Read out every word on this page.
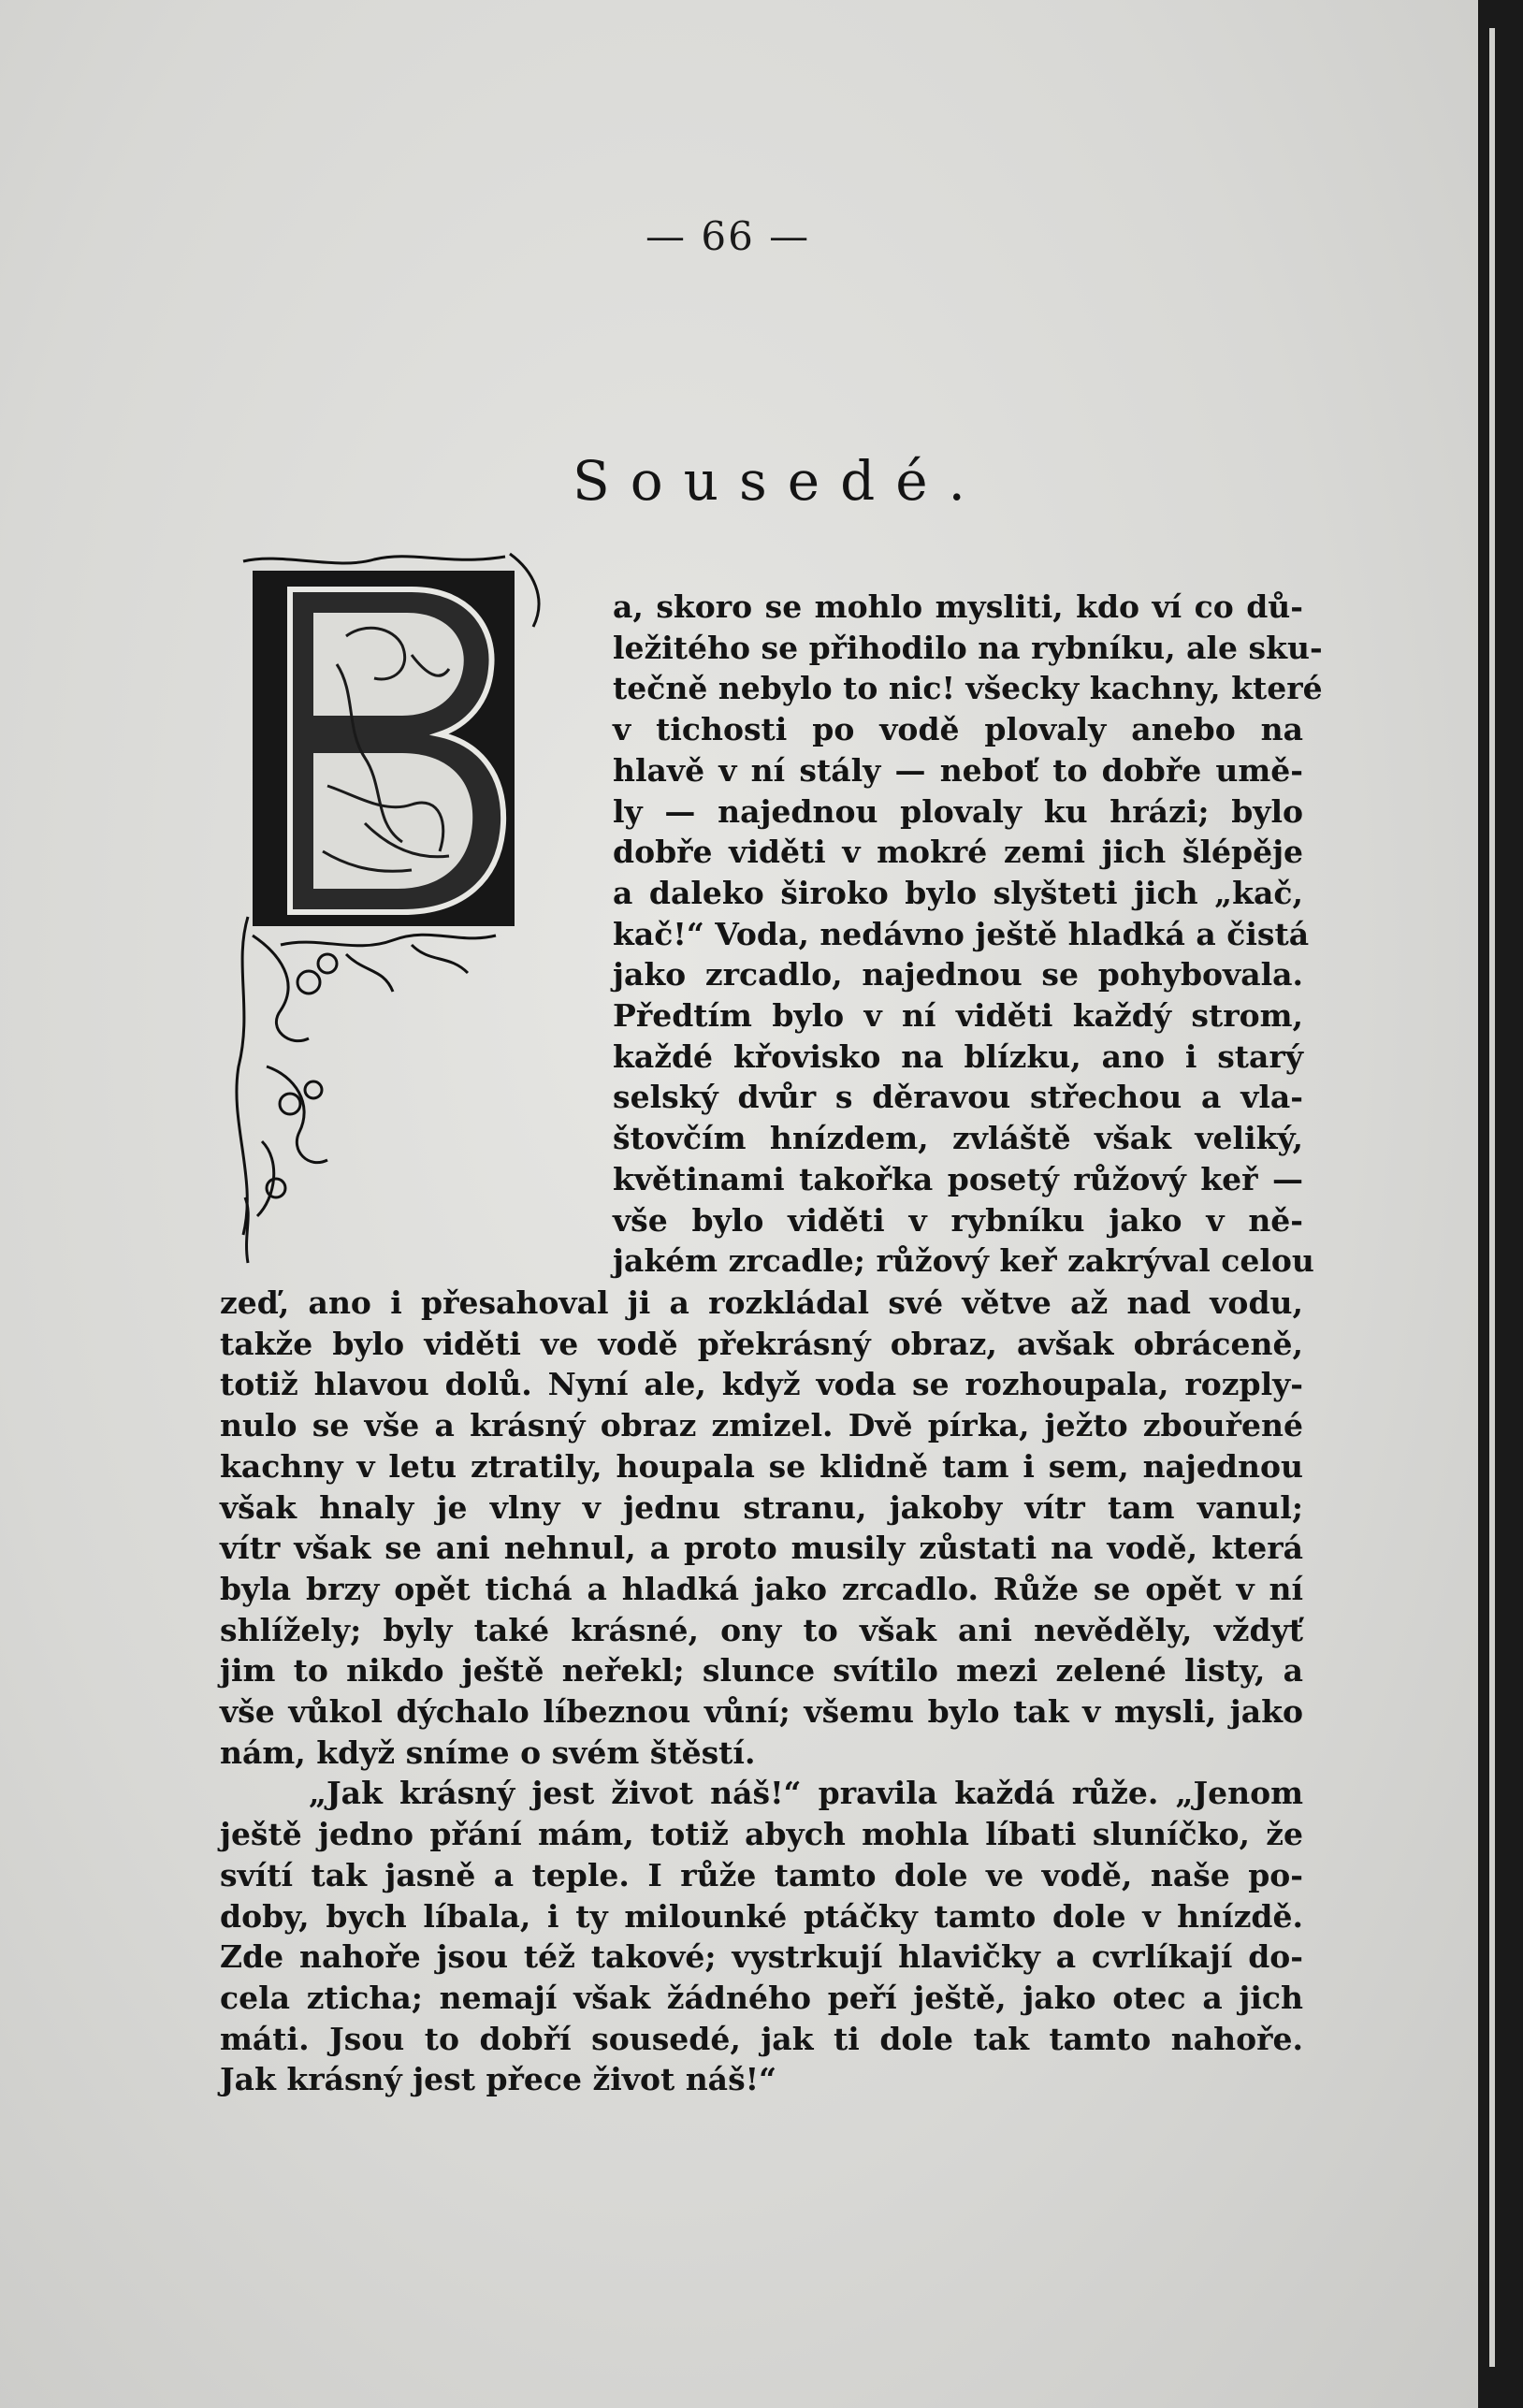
— 66 —
Sousedé.
a, skoro se mohlo mysliti, kdo ví co dů-
ležitého se přihodilo na rybníku, ale sku-
tečně nebylo to nic! všecky kachny, které
v tichosti po vodě plovaly anebo na
hlavě v ní stály — neboť to dobře umě-
ly — najednou plovaly ku hrázi; bylo
dobře viděti v mokré zemi jich šlépěje
a daleko široko bylo slyšteti jich „kač,
kač!“ Voda, nedávno ještě hladká a čistá
jako zrcadlo, najednou se pohybovala.
Předtím bylo v ní viděti každý strom,
každé křovisko na blízku, ano i starý
selský dvůr s děravou střechou a vla-
štovčím hnízdem, zvláště však veliký,
květinami takořka posetý růžový keř —
vše bylo viděti v rybníku jako v ně-
jakém zrcadle; růžový keř zakrýval celou
zeď, ano i přesahoval ji a rozkládal své větve až nad vodu,
takže bylo viděti ve vodě překrásný obraz, avšak obráceně,
totiž hlavou dolů. Nyní ale, když voda se rozhoupala, rozply-
nulo se vše a krásný obraz zmizel. Dvě pírka, ježto zbouřené
kachny v letu ztratily, houpala se klidně tam i sem, najednou
však hnaly je vlny v jednu stranu, jakoby vítr tam vanul;
vítr však se ani nehnul, a proto musily zůstati na vodě, která
byla brzy opět tichá a hladká jako zrcadlo. Růže se opět v ní
shlížely; byly také krásné, ony to však ani nevěděly, vždyť
jim to nikdo ještě neřekl; slunce svítilo mezi zelené listy, a
vše vůkol dýchalo líbeznou vůní; všemu bylo tak v mysli, jako
nám, když sníme o svém štěstí.
„Jak krásný jest život náš!“ pravila každá růže. „Jenom
ještě jedno přání mám, totiž abych mohla líbati sluníčko, že
svítí tak jasně a teple. I růže tamto dole ve vodě, naše po-
doby, bych líbala, i ty milounké ptáčky tamto dole v hnízdě.
Zde nahoře jsou též takové; vystrkují hlavičky a cvrlíkají do-
cela zticha; nemají však žádného peří ještě, jako otec a jich
máti. Jsou to dobří sousedé, jak ti dole tak tamto nahoře.
Jak krásný jest přece život náš!“
